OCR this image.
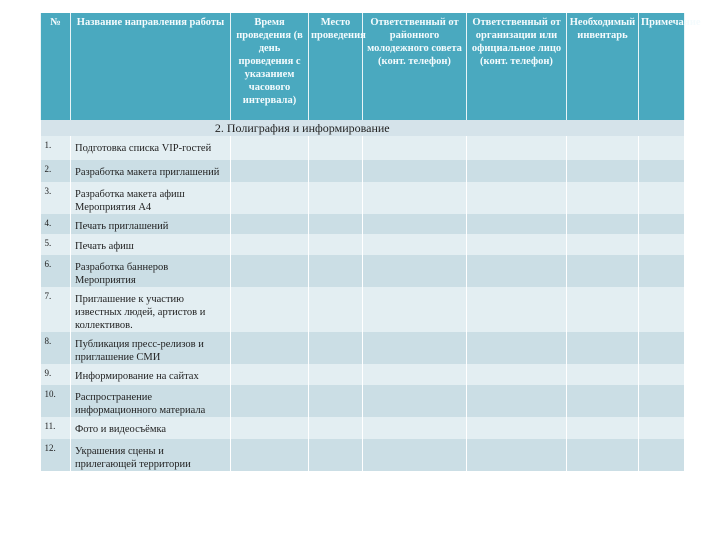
№	Название направления работы	Время проведения (в день проведения с указанием часового интервала)	Место проведения	Ответственный от районного молодежного совета (конт. телефон)	Ответственный от организации или официальное лицо (конт. телефон)	Необходимый инвентарь	Примечание
2. Полиграфия и информирование							
1.	Подготовка списка VIP-гостей						
2.	Разработка макета приглашений						
3.	Разработка макета афиш Мероприятия А4						
4.	Печать приглашений						
5.	Печать афиш						
6.	Разработка баннеров Мероприятия						
7.	Приглашение к участию известных людей, артистов и коллективов.						
8.	Публикация пресс-релизов и приглашение СМИ						
9.	Информирование на сайтах						
10.	Распространение информационного материала						
11.	Фото и видеосъёмка						
12.	Украшения сцены и прилегающей территории						
